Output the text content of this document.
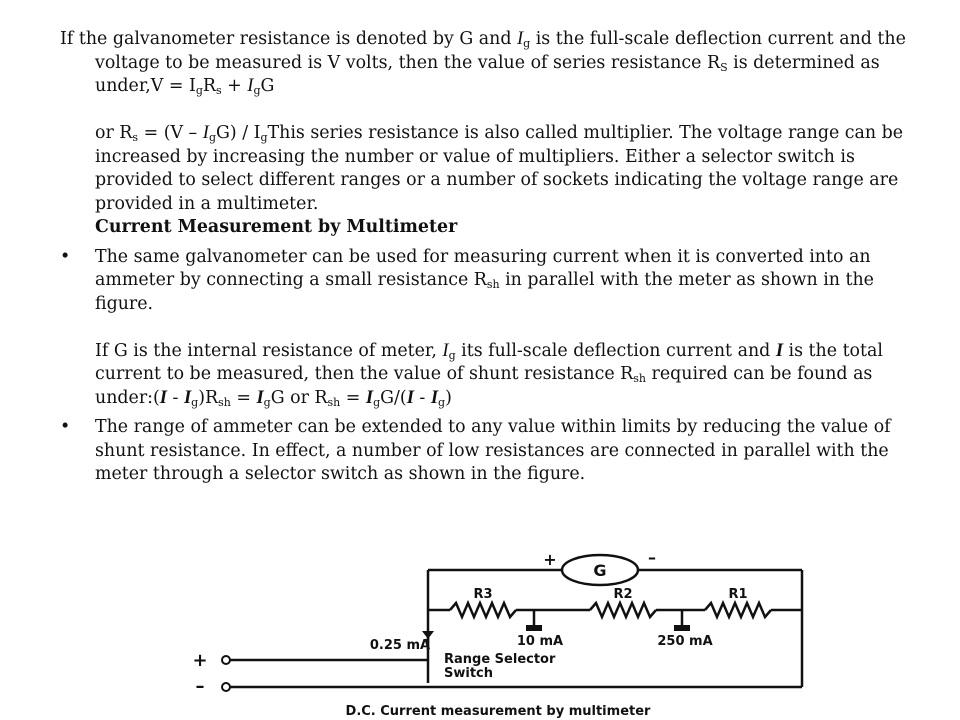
If the galvanometer resistance is denoted by G and $I_g$ is the full-scale deflection current and the voltage to be measured is V volts, then the value of series resistance $R_S$ is determined as under,V = $I_gR_s + I_gG$

or $R_s = (V - I_gG)$ / $I_gThis$ series resistance is also called multiplier. The voltage range can be increased by increasing the number or value of multipliers. Either a selector switch is provided to select different ranges or a number of sockets indicating the voltage range are provided in a multimeter.

Current Measurement by Multimeter

•	The same galvanometer can be used for measuring current when it is converted into an ammeter by connecting a small resistance $R_{sh}$ in parallel with the meter as shown in the figure.
If G is the internal resistance of meter, $I_g$ its full-scale deflection current and I is the total current to be measured, then the value of shunt resistance $R_{sh}$ required can be found as under:(I - $I_g)R_{sh} = I_gG$ or $R_{sh} = I_gG/(I - I_g)$
•	The range of ammeter can be extended to any value within limits by reducing the value of shunt resistance. In effect, a number of low resistances are connected in parallel with the meter through a selector switch as shown in the figure.
G
+	–
R3	R2	R1
0.25 mA	10 mA	250 mA
+
–
Range Selector
Switch
D.C. Current measurement by multimeter
